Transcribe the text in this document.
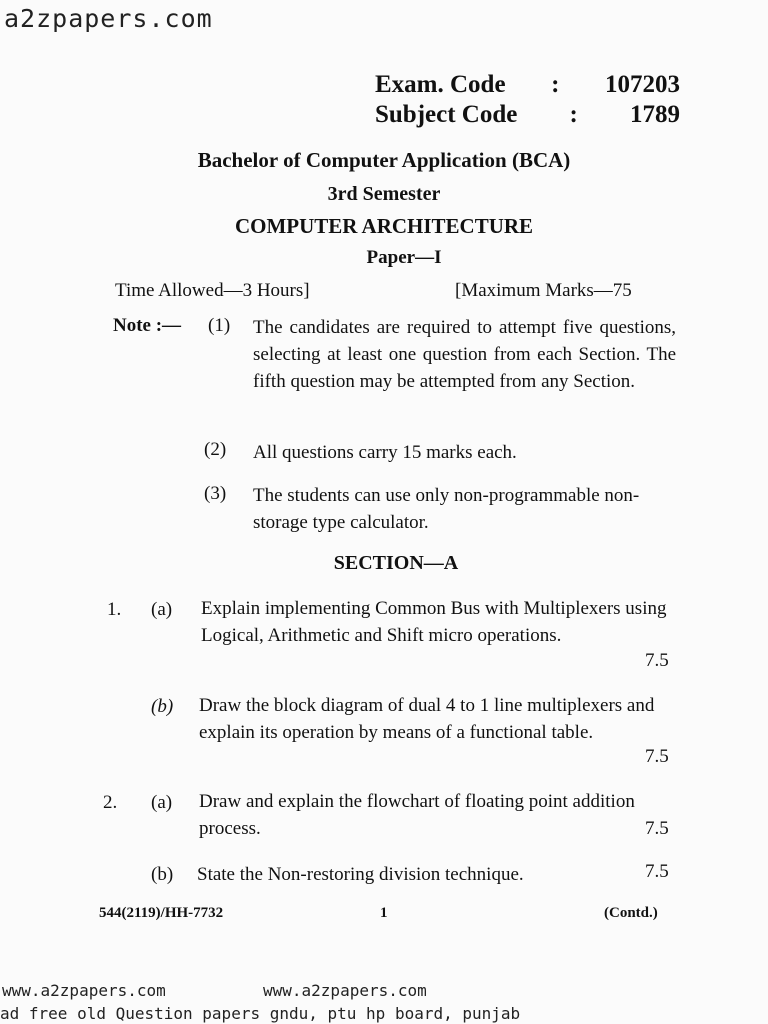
a2zpapers.com
Exam. Code : 107203
Subject Code : 1789
Bachelor of Computer Application (BCA)
3rd Semester
COMPUTER ARCHITECTURE
Paper—I
Time Allowed—3 Hours]	[Maximum Marks—75
Note :— (1) The candidates are required to attempt five questions, selecting at least one question from each Section. The fifth question may be attempted from any Section.
(2) All questions carry 15 marks each.
(3) The students can use only non-programmable non-storage type calculator.
SECTION—A
1. (a) Explain implementing Common Bus with Multiplexers using Logical, Arithmetic and Shift micro operations.
7.5
(b) Draw the block diagram of dual 4 to 1 line multiplexers and explain its operation by means of a functional table.
7.5
2. (a) Draw and explain the flowchart of floating point addition process.	7.5
(b) State the Non-restoring division technique.	7.5
544(2119)/HH-7732	1	(Contd.)
www.a2zpapers.com	www.a2zpapers.com
ad free old Question papers gndu, ptu hp board, punjab
